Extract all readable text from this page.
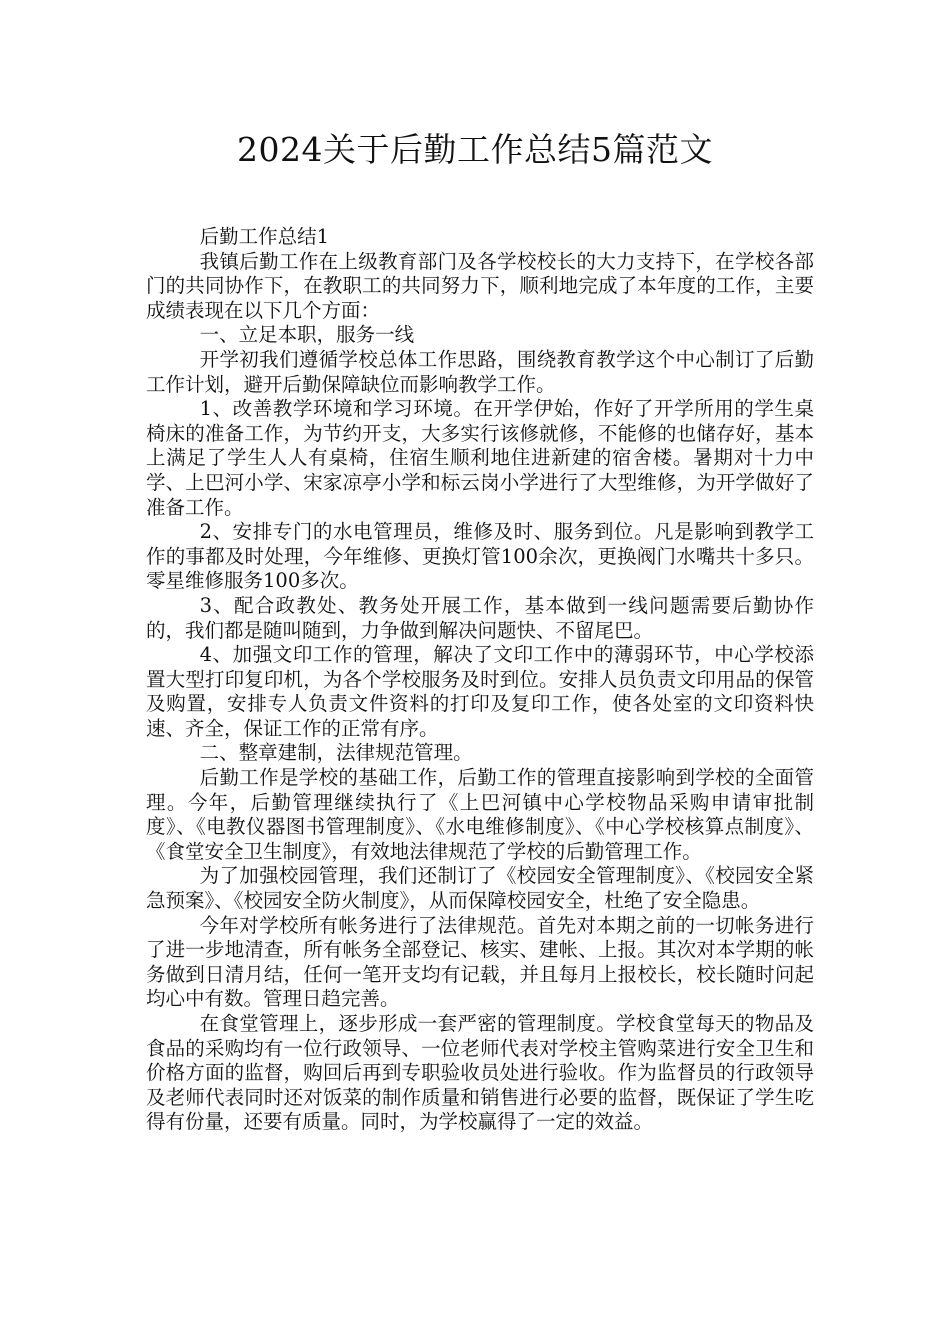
2024关于后勤工作总结5篇范文

后勤工作总结1

我镇后勤工作在上级教育部门及各学校校长的大力支持下，在学校各部门的共同协作下，在教职工的共同努力下，顺利地完成了本年度的工作，主要成绩表现在以下几个方面：

一、立足本职，服务一线

开学初我们遵循学校总体工作思路，围绕教育教学这个中心制订了后勤工作计划，避开后勤保障缺位而影响教学工作。

1、改善教学环境和学习环境。在开学伊始，作好了开学所用的学生桌椅床的准备工作，为节约开支，大多实行该修就修，不能修的也储存好，基本上满足了学生人人有桌椅，住宿生顺利地住进新建的宿舍楼。暑期对十力中学、上巴河小学、宋家凉亭小学和标云岗小学进行了大型维修，为开学做好了准备工作。

2、安排专门的水电管理员，维修及时、服务到位。凡是影响到教学工作的事都及时处理，今年维修、更换灯管100余次，更换阀门水嘴共十多只。零星维修服务100多次。

3、配合政教处、教务处开展工作，基本做到一线问题需要后勤协作的，我们都是随叫随到，力争做到解决问题快、不留尾巴。

4、加强文印工作的管理，解决了文印工作中的薄弱环节，中心学校添置大型打印复印机，为各个学校服务及时到位。安排人员负责文印用品的保管及购置，安排专人负责文件资料的打印及复印工作，使各处室的文印资料快速、齐全，保证工作的正常有序。

二、整章建制，法律规范管理。

后勤工作是学校的基础工作，后勤工作的管理直接影响到学校的全面管理。今年，后勤管理继续执行了《上巴河镇中心学校物品采购申请审批制度》、《电教仪器图书管理制度》、《水电维修制度》、《中心学校核算点制度》、《食堂安全卫生制度》，有效地法律规范了学校的后勤管理工作。

为了加强校园管理，我们还制订了《校园安全管理制度》、《校园安全紧急预案》、《校园安全防火制度》，从而保障校园安全，杜绝了安全隐患。

今年对学校所有帐务进行了法律规范。首先对本期之前的一切帐务进行了进一步地清查，所有帐务全部登记、核实、建帐、上报。其次对本学期的帐务做到日清月结，任何一笔开支均有记载，并且每月上报校长，校长随时问起均心中有数。管理日趋完善。

在食堂管理上，逐步形成一套严密的管理制度。学校食堂每天的物品及食品的采购均有一位行政领导、一位老师代表对学校主管购菜进行安全卫生和价格方面的监督，购回后再到专职验收员处进行验收。作为监督员的行政领导及老师代表同时还对饭菜的制作质量和销售进行必要的监督，既保证了学生吃得有份量，还要有质量。同时，为学校赢得了一定的效益。
